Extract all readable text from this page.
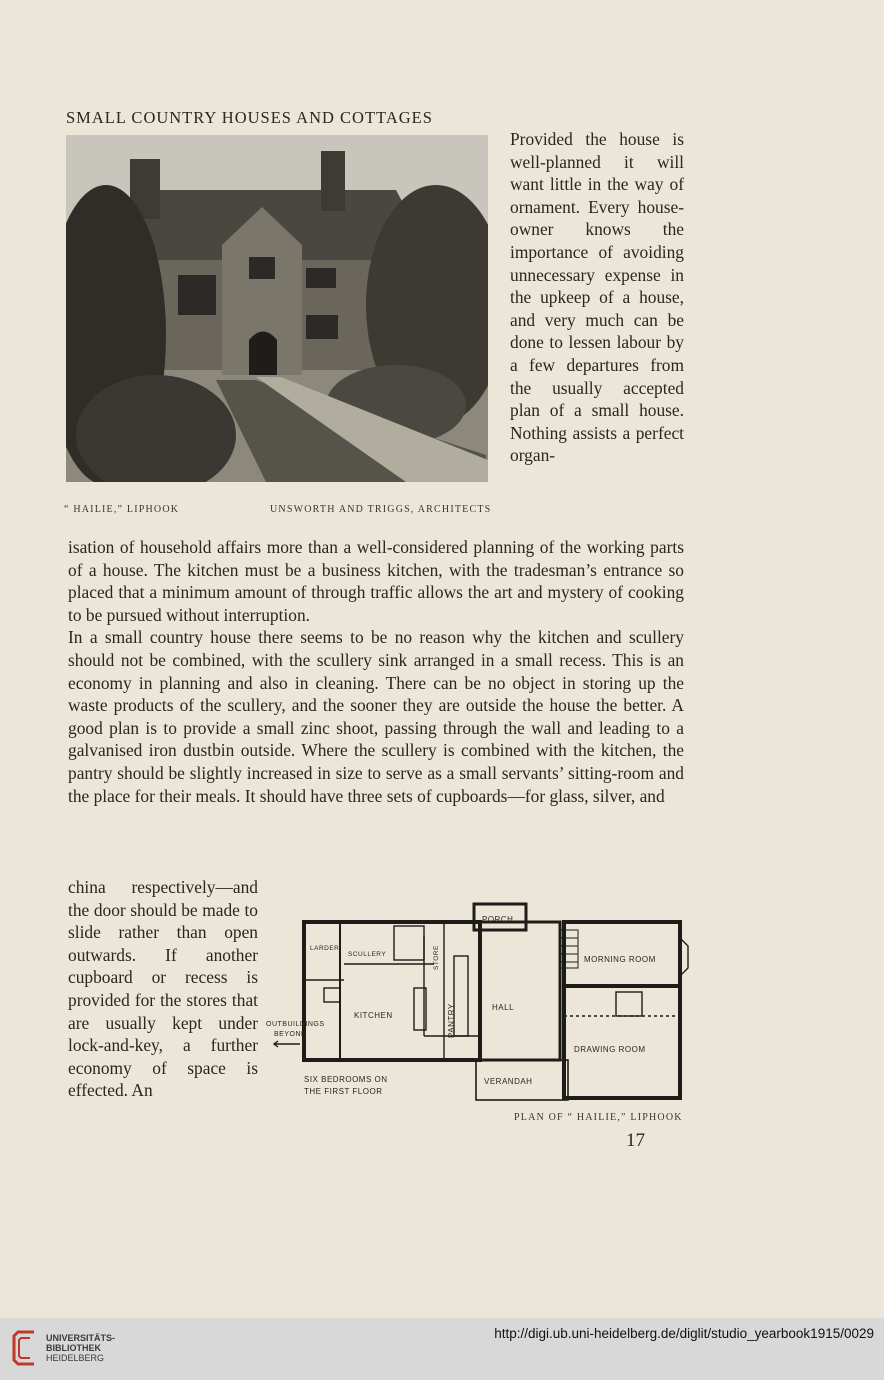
SMALL COUNTRY HOUSES AND COTTAGES
“ HAILIE,” LIPHOOK	UNSWORTH AND TRIGGS, ARCHITECTS
Provided the house is well-planned it will want little in the way of ornament. Every house-owner knows the importance of avoiding unnecessary expense in the upkeep of a house, and very much can be done to lessen labour by a few departures from the usually accepted plan of a small house. Nothing assists a perfect organ-
isation of household affairs more than a well-considered planning of the working parts of a house. The kitchen must be a business kitchen, with the tradesman’s entrance so placed that a minimum amount of through traffic allows the art and mystery of cooking to be pursued without interruption.
In a small country house there seems to be no reason why the kitchen and scullery should not be combined, with the scullery sink arranged in a small recess. This is an economy in planning and also in cleaning. There can be no object in storing up the waste products of the scullery, and the sooner they are outside the house the better. A good plan is to provide a small zinc shoot, passing through the wall and leading to a galvanised iron dustbin outside. Where the scullery is combined with the kitchen, the pantry should be slightly increased in size to serve as a small servants’ sitting-room and the place for their meals. It should have three sets of cupboards—for glass, silver, and
china respectively—and the door should be made to slide rather than open outwards. If another cupboard or recess is provided for the stores that are usually kept under lock-and-key, a further economy of space is effected. An
PORCH
LARDER
SCULLERY	STORE
KITCHEN	PANTRY	HALL
MORNING ROOM
DRAWING ROOM
OUTBUILDINGS
BEYOND
SIX BEDROOMS ON
THE FIRST FLOOR
VERANDAH
PLAN OF “ HAILIE,” LIPHOOK
17
UNIVERSITÄTS-
BIBLIOTHEK
HEIDELBERG
http://digi.ub.uni-heidelberg.de/diglit/studio_yearbook1915/0029
